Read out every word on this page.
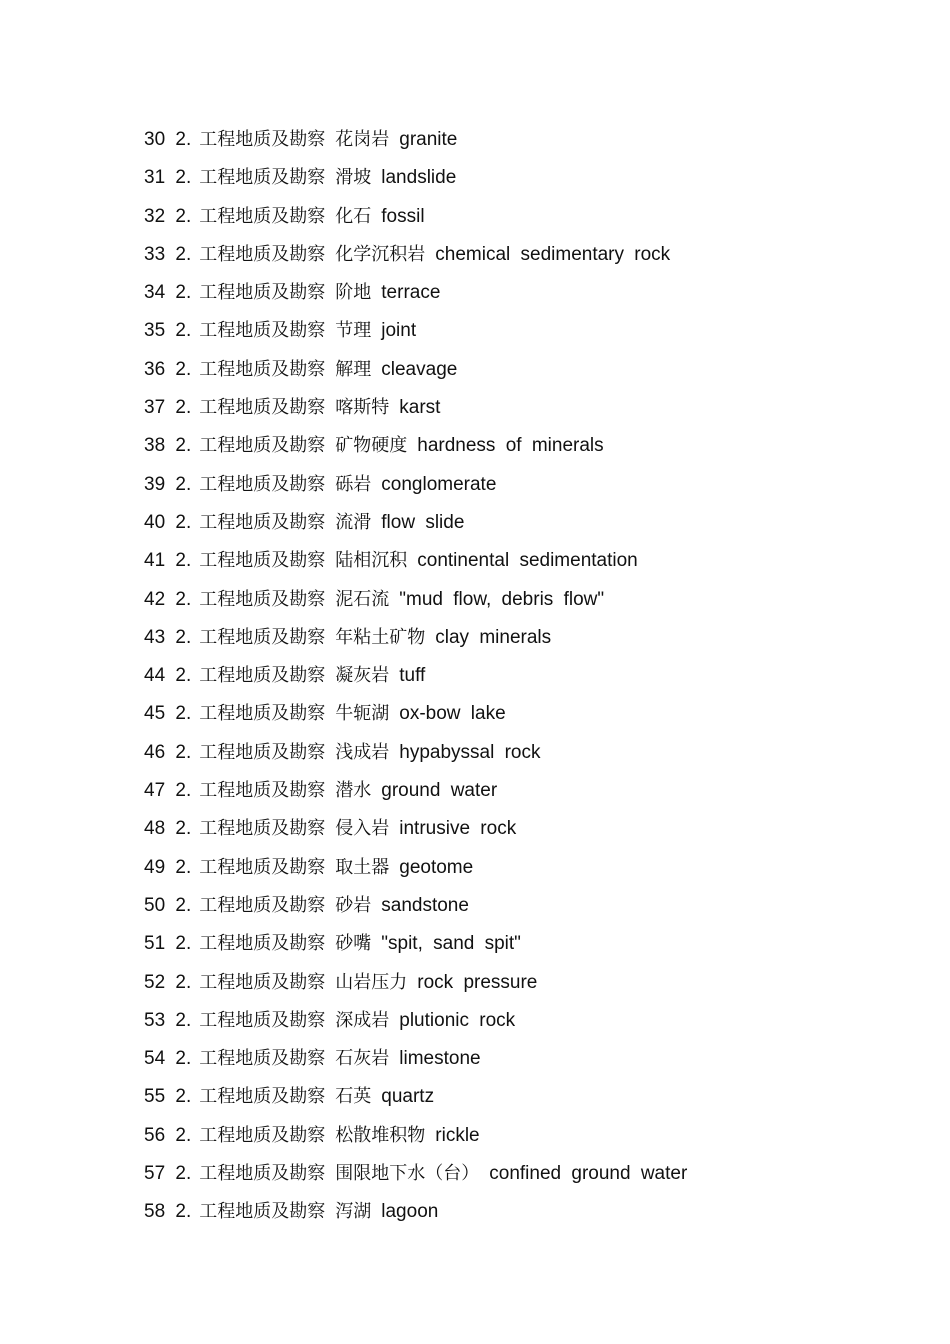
30 2. 工程地质及勘察 花岗岩 granite
31 2. 工程地质及勘察 滑坡 landslide
32 2. 工程地质及勘察 化石 fossil
33 2. 工程地质及勘察 化学沉积岩 chemical sedimentary rock
34 2. 工程地质及勘察 阶地 terrace
35 2. 工程地质及勘察 节理 joint
36 2. 工程地质及勘察 解理 cleavage
37 2. 工程地质及勘察 喀斯特 karst
38 2. 工程地质及勘察 矿物硬度 hardness of minerals
39 2. 工程地质及勘察 砾岩 conglomerate
40 2. 工程地质及勘察 流滑 flow slide
41 2. 工程地质及勘察 陆相沉积 continental sedimentation
42 2. 工程地质及勘察 泥石流 "mud flow, debris flow"
43 2. 工程地质及勘察 年粘土矿物 clay minerals
44 2. 工程地质及勘察 凝灰岩 tuff
45 2. 工程地质及勘察 牛轭湖 ox-bow lake
46 2. 工程地质及勘察 浅成岩 hypabyssal rock
47 2. 工程地质及勘察 潜水 ground water
48 2. 工程地质及勘察 侵入岩 intrusive rock
49 2. 工程地质及勘察 取土器 geotome
50 2. 工程地质及勘察 砂岩 sandstone
51 2. 工程地质及勘察 砂嘴 "spit, sand spit"
52 2. 工程地质及勘察 山岩压力 rock pressure
53 2. 工程地质及勘察 深成岩 plutionic rock
54 2. 工程地质及勘察 石灰岩 limestone
55 2. 工程地质及勘察 石英 quartz
56 2. 工程地质及勘察 松散堆积物 rickle
57 2. 工程地质及勘察 围限地下水（台） confined ground water
58 2. 工程地质及勘察 泻湖 lagoon
